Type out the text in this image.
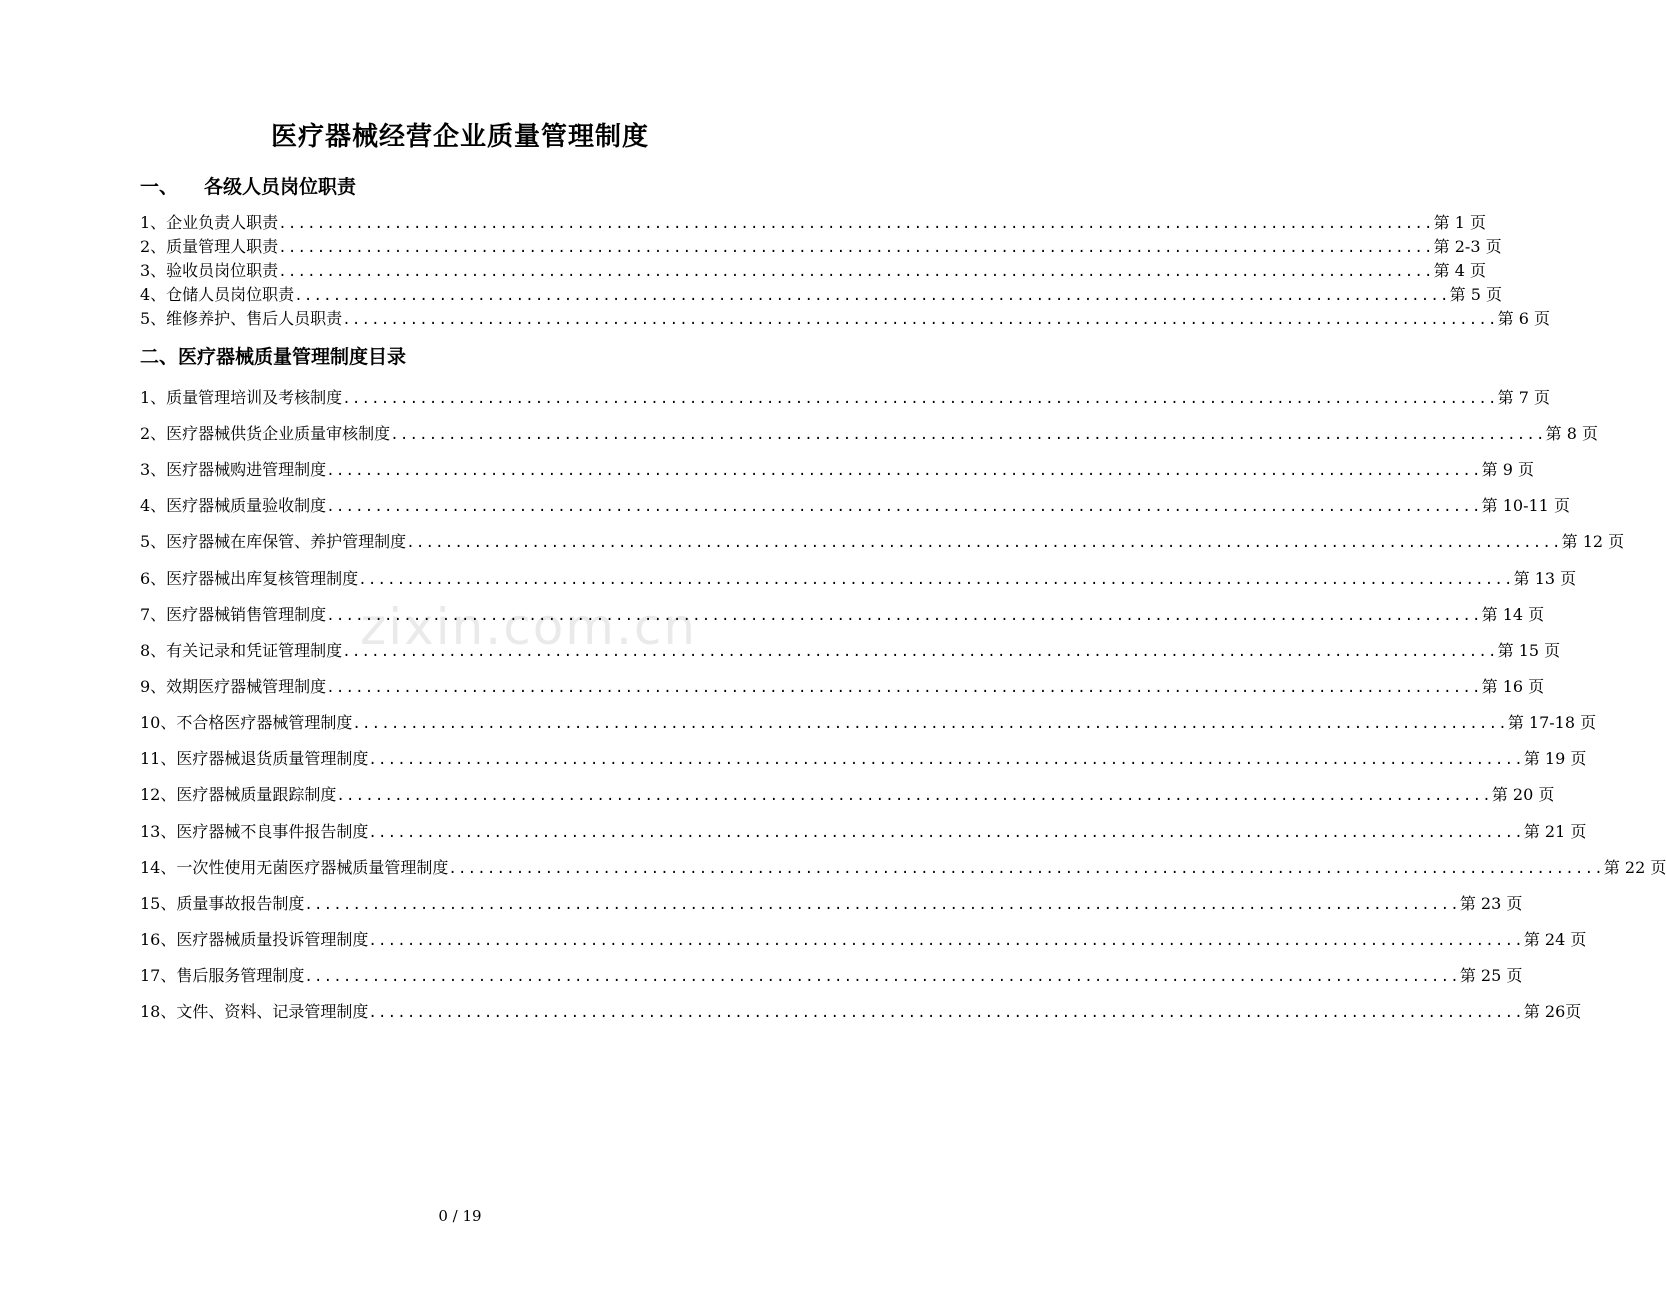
zixin.com.cn
医疗器械经营企业质量管理制度
一、 各级人员岗位职责
二、医疗器械质量管理制度目录
1、企业负责人职责 ........................................................................................................................ 第 1 页
2、质量管理人职责 ........................................................................................................................ 第 2-3 页
3、验收员岗位职责 ........................................................................................................................ 第 4 页
4、仓储人员岗位职责 ........................................................................................................................ 第 5 页
5、维修养护、售后人员职责 ........................................................................................................................ 第 6 页
1、质量管理培训及考核制度 ........................................................................................................................ 第 7 页
2、医疗器械供货企业质量审核制度 ........................................................................................................................ 第 8 页
3、医疗器械购进管理制度 ........................................................................................................................ 第 9 页
4、医疗器械质量验收制度 ........................................................................................................................ 第 10-11 页
5、医疗器械在库保管、养护管理制度 ........................................................................................................................ 第 12 页
6、医疗器械出库复核管理制度 ........................................................................................................................ 第 13 页
7、医疗器械销售管理制度 ........................................................................................................................ 第 14 页
8、有关记录和凭证管理制度 ........................................................................................................................ 第 15 页
9、效期医疗器械管理制度 ........................................................................................................................ 第 16 页
10、不合格医疗器械管理制度 ........................................................................................................................ 第 17-18 页
11、医疗器械退货质量管理制度 ........................................................................................................................ 第 19 页
12、医疗器械质量跟踪制度 ........................................................................................................................ 第 20 页
13、医疗器械不良事件报告制度 ........................................................................................................................ 第 21 页
14、一次性使用无菌医疗器械质量管理制度 ........................................................................................................................ 第 22 页
15、质量事故报告制度 ........................................................................................................................ 第 23 页
16、医疗器械质量投诉管理制度 ........................................................................................................................ 第 24 页
17、售后服务管理制度 ........................................................................................................................ 第 25 页
18、文件、资料、记录管理制度 ........................................................................................................................ 第 26页
0 / 19
